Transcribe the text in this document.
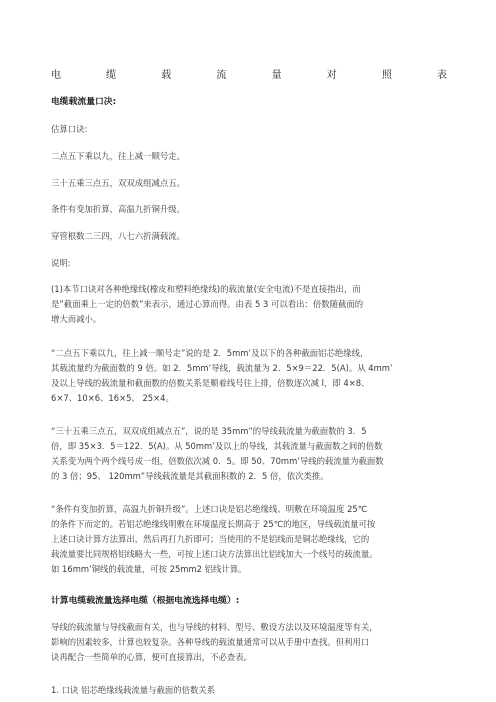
电	缆	载	流	量	对	照	表
电缆载流量口决:
估算口诀:
二点五下乘以九，往上减一顺号走。
三十五乘三点五，双双成组减点五。
条件有变加折算，高温九折铜升级。
穿管根数二三四，八七六折满载流。
说明:
(1)本节口诀对各种绝缘线(橡皮和塑料绝缘线)的载流量(安全电流)不是直接指出，而
是”截面乘上一定的倍数”来表示，通过心算而得。由表 5 3 可以看出：倍数随截面的
增大而减小。
“二点五下乘以九，往上减一顺号走”说的是 2．5mm’及以下的各种截面铝芯绝缘线，
其载流量约为截面数的 9 倍。如 2．5mm’导线，载流量为 2．5×9＝22．5(A)。从 4mm’
及以上导线的载流量和截面数的倍数关系是顺着线号往上排，倍数逐次减 l，即 4×8、
6×7、10×6、16×5、 25×4。
“三十五乘三点五，双双成组减点五”，说的是 35mm”的导线载流量为截面数的 3．5
倍，即 35×3．5＝122．5(A)。从 50mm’及以上的导线，其载流量与截面数之间的倍数
关系变为两个两个线号成一组，倍数依次减 0．5。即 50、70mm’导线的载流量为截面数
的 3 倍；95、 120mm”导线载流量是其截面积数的 2．5 倍，依次类推。
“条件有变加折算，高温九折铜升级”。上述口诀是铝芯绝缘线、明敷在环境温度 25℃
的条件下而定的。若铝芯绝缘线明敷在环境温度长期高于 25℃的地区，导线载流量可按
上述口诀计算方法算出，然后再打九折即可；当使用的不是铝线而是铜芯绝缘线，它的
载流量要比同规格铝线略大一些，可按上述口诀方法算出比铝线加大一个线号的载流量。
如 16mm’铜线的载流量，可按 25mm2 铝线计算。
计算电缆载流量选择电缆（根据电流选择电缆）:
导线的载流量与导线截面有关，也与导线的材料、型号、敷设方法以及环境温度等有关，
影响的因素较多，计算也较复杂。各种导线的载流量通常可以从手册中查找。但利用口
诀再配合一些简单的心算，便可直接算出，不必查表。
1. 口诀 铝芯绝缘线载流量与截面的倍数关系
